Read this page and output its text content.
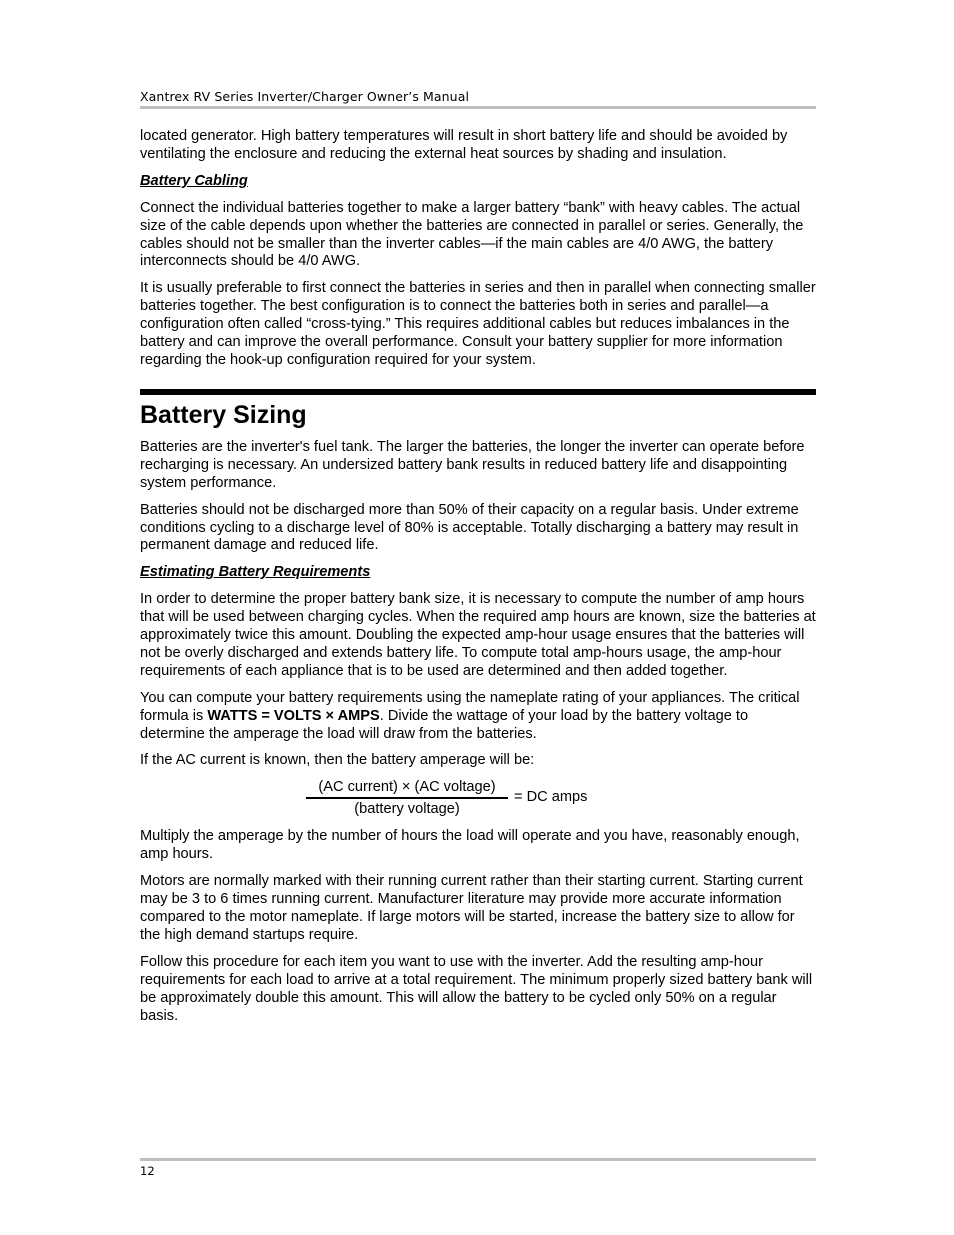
Xantrex RV Series Inverter/Charger Owner’s Manual

located generator. High battery temperatures will result in short battery life and should be avoided by ventilating the enclosure and reducing the external heat sources by shading and insulation.

Battery Cabling

Connect the individual batteries together to make a larger battery “bank” with heavy cables. The actual size of the cable depends upon whether the batteries are connected in parallel or series. Generally, the cables should not be smaller than the inverter cables—if the main cables are 4/0 AWG, the battery interconnects should be 4/0 AWG.

It is usually preferable to first connect the batteries in series and then in parallel when connecting smaller batteries together. The best configuration is to connect the batteries both in series and parallel—a configuration often called “cross-tying.” This requires additional cables but reduces imbalances in the battery and can improve the overall performance. Consult your battery supplier for more information regarding the hook-up configuration required for your system.

Battery Sizing

Batteries are the inverter's fuel tank. The larger the batteries, the longer the inverter can operate before recharging is necessary. An undersized battery bank results in reduced battery life and disappointing system performance.

Batteries should not be discharged more than 50% of their capacity on a regular basis. Under extreme conditions cycling to a discharge level of 80% is acceptable. Totally discharging a battery may result in permanent damage and reduced life.

Estimating Battery Requirements

In order to determine the proper battery bank size, it is necessary to compute the number of amp hours that will be used between charging cycles. When the required amp hours are known, size the batteries at approximately twice this amount. Doubling the expected amp-hour usage ensures that the batteries will not be overly discharged and extends battery life. To compute total amp-hours usage, the amp-hour requirements of each appliance that is to be used are determined and then added together.

You can compute your battery requirements using the nameplate rating of your appliances. The critical formula is WATTS = VOLTS × AMPS. Divide the wattage of your load by the battery voltage to determine the amperage the load will draw from the batteries.

If the AC current is known, then the battery amperage will be:

(AC current) × (AC voltage)
(battery voltage)
= DC amps

Multiply the amperage by the number of hours the load will operate and you have, reasonably enough, amp hours.

Motors are normally marked with their running current rather than their starting current. Starting current may be 3 to 6 times running current. Manufacturer literature may provide more accurate information compared to the motor nameplate. If large motors will be started, increase the battery size to allow for the high demand startups require.

Follow this procedure for each item you want to use with the inverter. Add the resulting amp-hour requirements for each load to arrive at a total requirement. The minimum properly sized battery bank will be approximately double this amount. This will allow the battery to be cycled only 50% on a regular basis.

12
